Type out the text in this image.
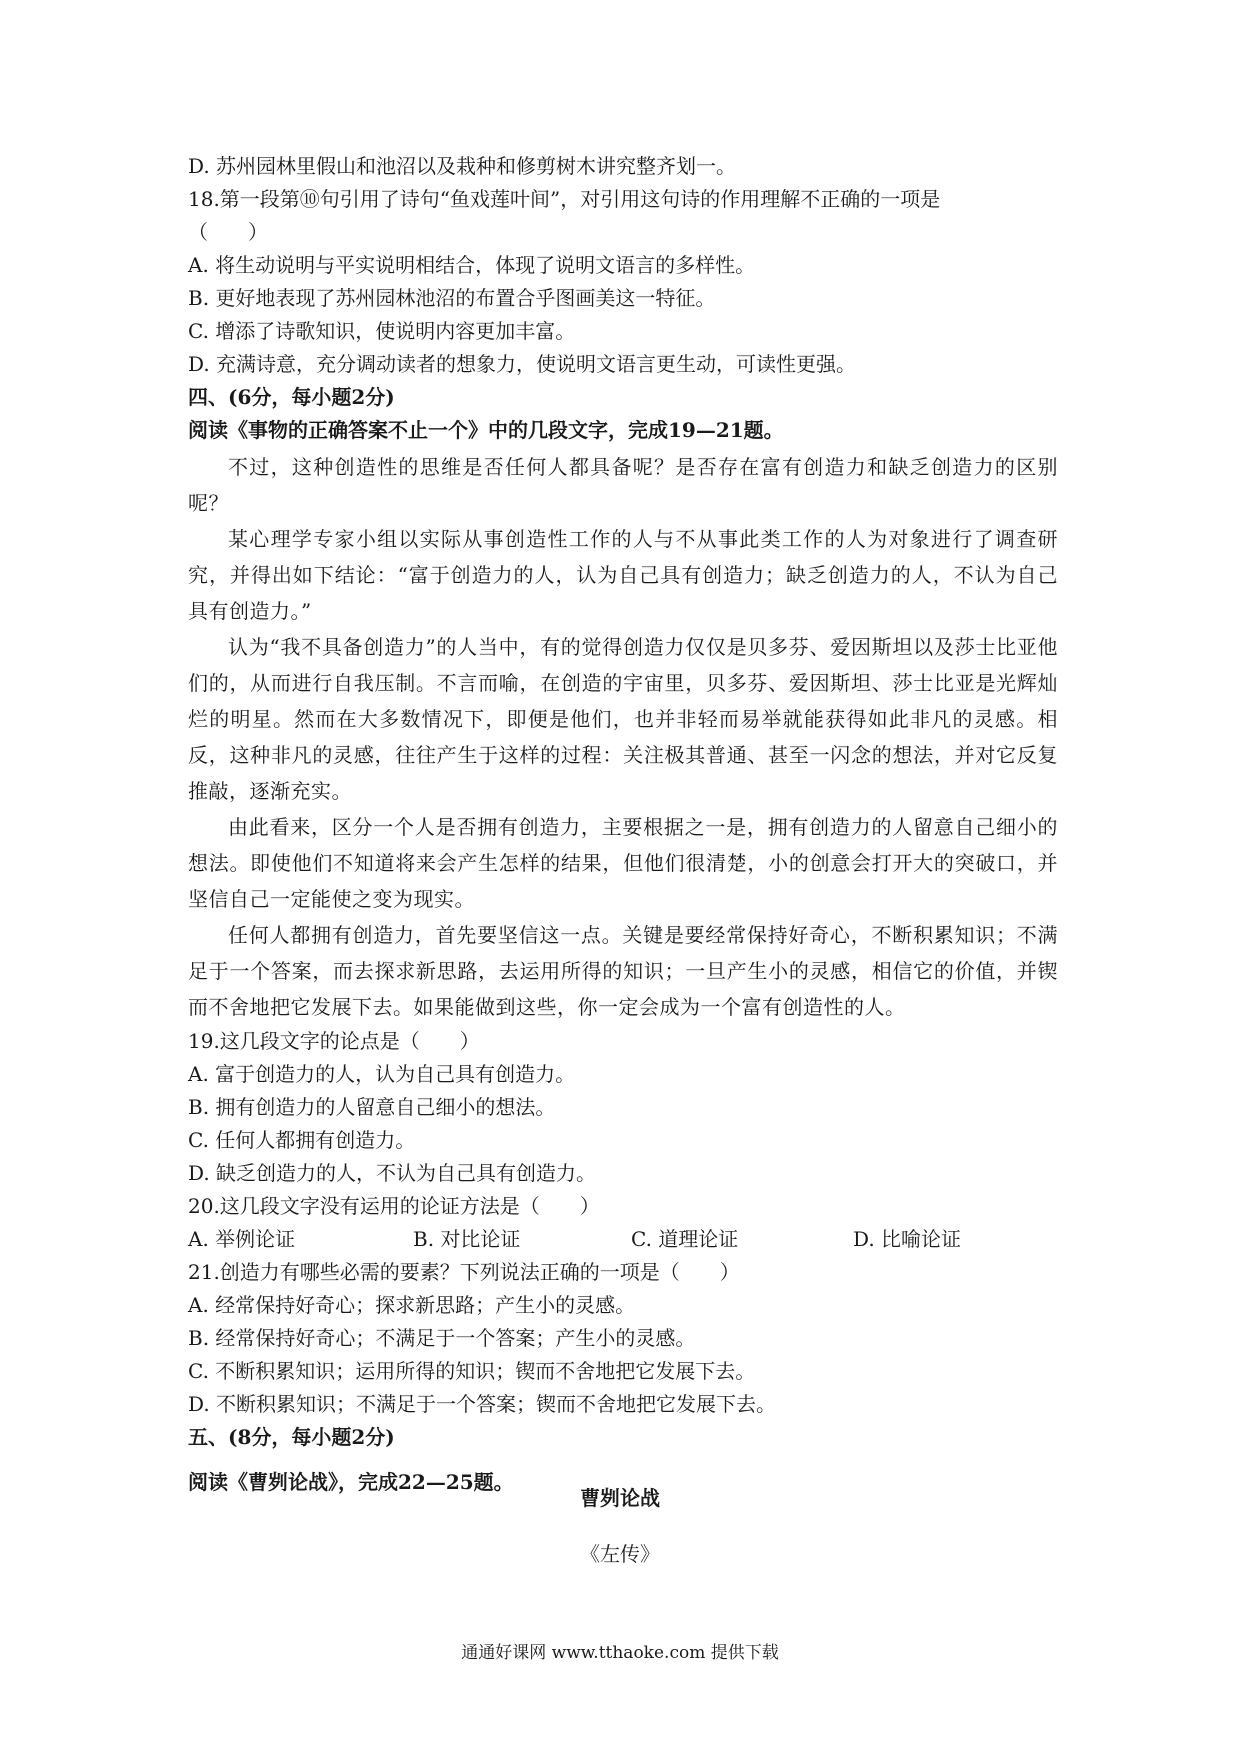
D. 苏州园林里假山和池沼以及栽种和修剪树木讲究整齐划一。
18.第一段第⑩句引用了诗句“鱼戏莲叶间”，对引用这句诗的作用理解不正确的一项是
（　　）
A. 将生动说明与平实说明相结合，体现了说明文语言的多样性。
B. 更好地表现了苏州园林池沼的布置合乎图画美这一特征。
C. 增添了诗歌知识，使说明内容更加丰富。
D. 充满诗意，充分调动读者的想象力，使说明文语言更生动，可读性更强。
四、(6分，每小题2分)
阅读《事物的正确答案不止一个》中的几段文字，完成19—21题。

不过，这种创造性的思维是否任何人都具备呢？是否存在富有创造力和缺乏创造力的区别呢？

某心理学专家小组以实际从事创造性工作的人与不从事此类工作的人为对象进行了调查研究，并得出如下结论：“富于创造力的人，认为自己具有创造力；缺乏创造力的人，不认为自己具有创造力。”

认为“我不具备创造力”的人当中，有的觉得创造力仅仅是贝多芬、爱因斯坦以及莎士比亚他们的，从而进行自我压制。不言而喻，在创造的宇宙里，贝多芬、爱因斯坦、莎士比亚是光辉灿烂的明星。然而在大多数情况下，即便是他们，也并非轻而易举就能获得如此非凡的灵感。相反，这种非凡的灵感，往往产生于这样的过程：关注极其普通、甚至一闪念的想法，并对它反复推敲，逐渐充实。

由此看来，区分一个人是否拥有创造力，主要根据之一是，拥有创造力的人留意自己细小的想法。即使他们不知道将来会产生怎样的结果，但他们很清楚，小的创意会打开大的突破口，并坚信自己一定能使之变为现实。

任何人都拥有创造力，首先要坚信这一点。关键是要经常保持好奇心，不断积累知识；不满足于一个答案，而去探求新思路，去运用所得的知识；一旦产生小的灵感，相信它的价值，并锲而不舍地把它发展下去。如果能做到这些，你一定会成为一个富有创造性的人。

19.这几段文字的论点是（　　）
A. 富于创造力的人，认为自己具有创造力。
B. 拥有创造力的人留意自己细小的想法。
C. 任何人都拥有创造力。
D. 缺乏创造力的人，不认为自己具有创造力。
20.这几段文字没有运用的论证方法是（　　）
A. 举例论证	B. 对比论证	C. 道理论证	D. 比喻论证
21.创造力有哪些必需的要素？下列说法正确的一项是（　　）
A. 经常保持好奇心；探求新思路；产生小的灵感。
B. 经常保持好奇心；不满足于一个答案；产生小的灵感。
C. 不断积累知识；运用所得的知识；锲而不舍地把它发展下去。
D. 不断积累知识；不满足于一个答案；锲而不舍地把它发展下去。
五、(8分，每小题2分)
阅读《曹刿论战》，完成22—25题。
曹刿论战
《左传》
通通好课网 www.tthaoke.com 提供下载
